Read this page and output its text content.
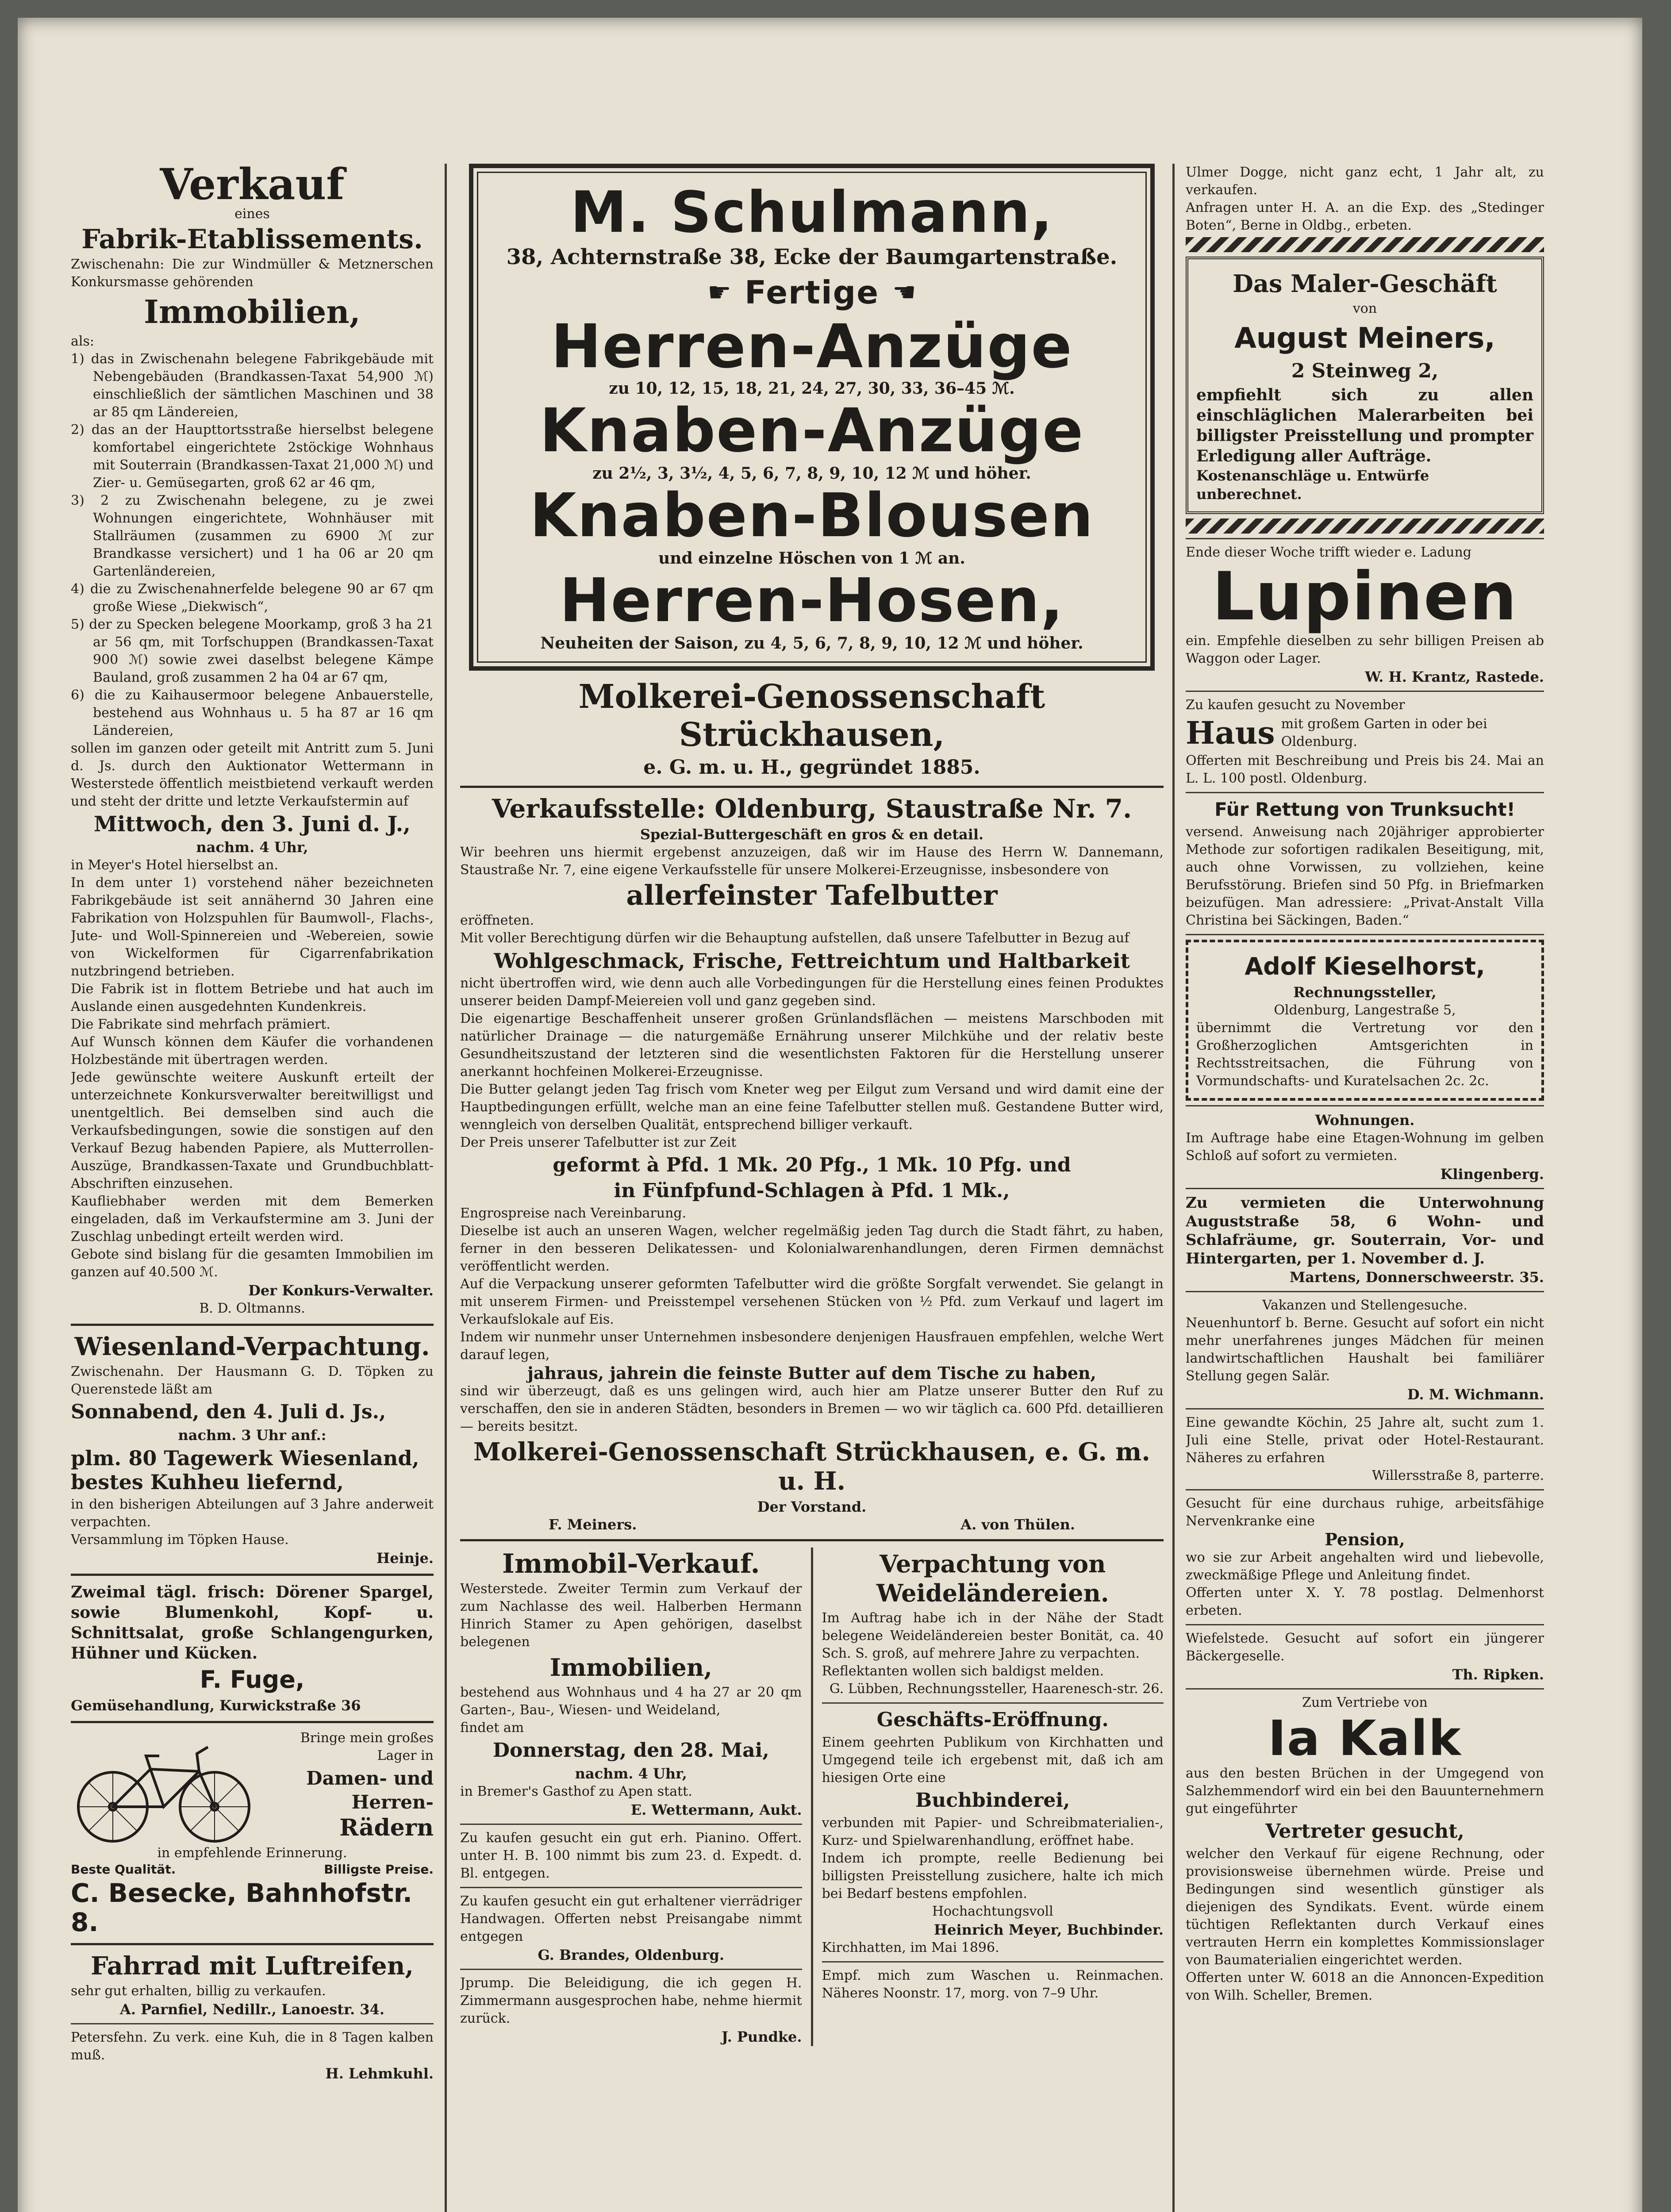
Verkauf
eines
Fabrik-Etablissements.

Zwischenahn: Die zur Windmüller & Metznerschen Konkursmasse gehörenden

Immobilien,

als:

1) das in Zwischenahn belegene Fabrikgebäude mit Nebengebäuden (Brandkassen-Taxat 54,900 ℳ) einschließlich der sämtlichen Maschinen und 38 ar 85 qm Ländereien,
2) das an der Haupttortsstraße hierselbst belegene komfortabel eingerichtete 2stöckige Wohnhaus mit Souterrain (Brandkassen-Taxat 21,000 ℳ) und Zier- u. Gemüsegarten, groß 62 ar 46 qm,
3) 2 zu Zwischenahn belegene, zu je zwei Wohnungen eingerichtete, Wohnhäuser mit Stallräumen (zusammen zu 6900 ℳ zur Brandkasse versichert) und 1 ha 06 ar 20 qm Gartenländereien,
4) die zu Zwischenahnerfelde belegene 90 ar 67 qm große Wiese „Diekwisch“,
5) der zu Specken belegene Moorkamp, groß 3 ha 21 ar 56 qm, mit Torfschuppen (Brandkassen-Taxat 900 ℳ) sowie zwei daselbst belegene Kämpe Bauland, groß zusammen 2 ha 04 ar 67 qm,
6) die zu Kaihausermoor belegene Anbauerstelle, bestehend aus Wohnhaus u. 5 ha 87 ar 16 qm Ländereien,

sollen im ganzen oder geteilt mit Antritt zum 5. Juni d. Js. durch den Auktionator Wettermann in Westerstede öffentlich meistbietend verkauft werden und steht der dritte und letzte Verkaufstermin auf

Mittwoch, den 3. Juni d. J.,
nachm. 4 Uhr,

in Meyer's Hotel hierselbst an.

In dem unter 1) vorstehend näher bezeichneten Fabrikgebäude ist seit annähernd 30 Jahren eine Fabrikation von Holzspuhlen für Baumwoll-, Flachs-, Jute- und Woll-Spinnereien und -Webereien, sowie von Wickelformen für Cigarrenfabrikation nutzbringend betrieben.

Die Fabrik ist in flottem Betriebe und hat auch im Auslande einen ausgedehnten Kundenkreis.

Die Fabrikate sind mehrfach prämiert.

Auf Wunsch können dem Käufer die vorhandenen Holzbestände mit übertragen werden.

Jede gewünschte weitere Auskunft erteilt der unterzeichnete Konkursverwalter bereitwilligst und unentgeltlich. Bei demselben sind auch die Verkaufsbedingungen, sowie die sonstigen auf den Verkauf Bezug habenden Papiere, als Mutterrollen-Auszüge, Brandkassen-Taxate und Grundbuchblatt-Abschriften einzusehen.

Kaufliebhaber werden mit dem Bemerken eingeladen, daß im Verkaufstermine am 3. Juni der Zuschlag unbedingt erteilt werden wird.

Gebote sind bislang für die gesamten Immobilien im ganzen auf 40.500 ℳ.

Der Konkurs-Verwalter.

B. D. Oltmanns.

Wiesenland-Verpachtung.

Zwischenahn. Der Hausmann G. D. Töpken zu Querenstede läßt am

Sonnabend, den 4. Juli d. Js.,
nachm. 3 Uhr anf.:
plm. 80 Tagewerk Wiesenland, bestes Kuhheu liefernd,

in den bisherigen Abteilungen auf 3 Jahre anderweit verpachten.

Versammlung im Töpken Hause.

Heinje.

Zweimal tägl. frisch: Dörener Spargel, sowie Blumenkohl, Kopf- u. Schnittsalat, große Schlangengurken, Hühner und Kücken.

F. Fuge,

Gemüsehandlung, Kurwickstraße 36

Bringe mein großes Lager in

Damen- und Herren-
Rädern

in empfehlende Erinnerung.

Beste Qualität.	Billigste Preise.
C. Besecke, Bahnhofstr. 8.
Fahrrad mit Luftreifen,

sehr gut erhalten, billig zu verkaufen.

A. Parnfiel, Nedillr., Lanoestr. 34.

Petersfehn. Zu verk. eine Kuh, die in 8 Tagen kalben muß.

H. Lehmkuhl.

M. Schulmann,
38, Achternstraße 38, Ecke der Baumgartenstraße.
☛ Fertige ☚
Herren-Anzüge
zu 10, 12, 15, 18, 21, 24, 27, 30, 33, 36–45 ℳ.
Knaben-Anzüge
zu 2½, 3, 3½, 4, 5, 6, 7, 8, 9, 10, 12 ℳ und höher.
Knaben-Blousen
und einzelne Höschen von 1 ℳ an.
Herren-Hosen,
Neuheiten der Saison, zu 4, 5, 6, 7, 8, 9, 10, 12 ℳ und höher.
Molkerei-Genossenschaft Strückhausen,
e. G. m. u. H., gegründet 1885.
Verkaufsstelle: Oldenburg, Staustraße Nr. 7.
Spezial-Buttergeschäft en gros & en detail.

Wir beehren uns hiermit ergebenst anzuzeigen, daß wir im Hause des Herrn W. Dannemann, Staustraße Nr. 7, eine eigene Verkaufsstelle für unsere Molkerei-Erzeugnisse, insbesondere von

allerfeinster Tafelbutter

eröffneten.

Mit voller Berechtigung dürfen wir die Behauptung aufstellen, daß unsere Tafelbutter in Bezug auf

Wohlgeschmack, Frische, Fettreichtum und Haltbarkeit

nicht übertroffen wird, wie denn auch alle Vorbedingungen für die Herstellung eines feinen Produktes unserer beiden Dampf-Meiereien voll und ganz gegeben sind.

Die eigenartige Beschaffenheit unserer großen Grünlandsflächen — meistens Marschboden mit natürlicher Drainage — die naturgemäße Ernährung unserer Milchkühe und der relativ beste Gesundheitszustand der letzteren sind die wesentlichsten Faktoren für die Herstellung unserer anerkannt hochfeinen Molkerei-Erzeugnisse.

Die Butter gelangt jeden Tag frisch vom Kneter weg per Eilgut zum Versand und wird damit eine der Hauptbedingungen erfüllt, welche man an eine feine Tafelbutter stellen muß. Gestandene Butter wird, wenngleich von derselben Qualität, entsprechend billiger verkauft.

Der Preis unserer Tafelbutter ist zur Zeit

geformt à Pfd. 1 Mk. 20 Pfg., 1 Mk. 10 Pfg. und
in Fünfpfund-Schlagen à Pfd. 1 Mk.,

Engrospreise nach Vereinbarung.

Dieselbe ist auch an unseren Wagen, welcher regelmäßig jeden Tag durch die Stadt fährt, zu haben, ferner in den besseren Delikatessen- und Kolonialwarenhandlungen, deren Firmen demnächst veröffentlicht werden.

Auf die Verpackung unserer geformten Tafelbutter wird die größte Sorgfalt verwendet. Sie gelangt in mit unserem Firmen- und Preisstempel versehenen Stücken von ½ Pfd. zum Verkauf und lagert im Verkaufslokale auf Eis.

Indem wir nunmehr unser Unternehmen insbesondere denjenigen Hausfrauen empfehlen, welche Wert darauf legen,

jahraus, jahrein die feinste Butter auf dem Tische zu haben,

sind wir überzeugt, daß es uns gelingen wird, auch hier am Platze unserer Butter den Ruf zu verschaffen, den sie in anderen Städten, besonders in Bremen — wo wir täglich ca. 600 Pfd. detaillieren — bereits besitzt.

Molkerei-Genossenschaft Strückhausen, e. G. m. u. H.
Der Vorstand.
F. Meiners.	A. von Thülen.
Immobil-Verkauf.

Westerstede. Zweiter Termin zum Verkauf der zum Nachlasse des weil. Halberben Hermann Hinrich Stamer zu Apen gehörigen, daselbst belegenen

Immobilien,

bestehend aus Wohnhaus und 4 ha 27 ar 20 qm Garten-, Bau-, Wiesen- und Weideland,

findet am

Donnerstag, den 28. Mai,
nachm. 4 Uhr,

in Bremer's Gasthof zu Apen statt.

E. Wettermann, Aukt.

Zu kaufen gesucht ein gut erh. Pianino. Offert. unter H. B. 100 nimmt bis zum 23. d. Expedt. d. Bl. entgegen.

Zu kaufen gesucht ein gut erhaltener vierrädriger Handwagen. Offerten nebst Preisangabe nimmt entgegen

G. Brandes, Oldenburg.

Jprump. Die Beleidigung, die ich gegen H. Zimmermann ausgesprochen habe, nehme hiermit zurück.

J. Pundke.

Verpachtung von Weideländereien.

Im Auftrag habe ich in der Nähe der Stadt belegene Weideländereien bester Bonität, ca. 40 Sch. S. groß, auf mehrere Jahre zu verpachten.

Reflektanten wollen sich baldigst melden.

G. Lübben, Rechnungssteller, Haarenesch-str. 26.

Geschäfts-Eröffnung.

Einem geehrten Publikum von Kirchhatten und Umgegend teile ich ergebenst mit, daß ich am hiesigen Orte eine

Buchbinderei,

verbunden mit Papier- und Schreibmaterialien-, Kurz- und Spielwarenhandlung, eröffnet habe.

Indem ich prompte, reelle Bedienung bei billigsten Preisstellung zusichere, halte ich mich bei Bedarf bestens empfohlen.

Hochachtungsvoll

Heinrich Meyer, Buchbinder.

Kirchhatten, im Mai 1896.

Empf. mich zum Waschen u. Reinmachen. Näheres Noonstr. 17, morg. von 7–9 Uhr.

Ulmer Dogge, nicht ganz echt, 1 Jahr alt, zu verkaufen.

Anfragen unter H. A. an die Exp. des „Stedinger Boten“, Berne in Oldbg., erbeten.

Das Maler-Geschäft
von
August Meiners,
2 Steinweg 2,

empfiehlt sich zu allen einschläglichen Malerarbeiten bei billigster Preisstellung und prompter Erledigung aller Aufträge.

Kostenanschläge u. Entwürfe unberechnet.

Ende dieser Woche trifft wieder e. Ladung

Lupinen

ein. Empfehle dieselben zu sehr billigen Preisen ab Waggon oder Lager.

W. H. Krantz, Rastede.

Zu kaufen gesucht zu November

Haus mit großem Garten in oder bei Oldenburg.

Offerten mit Beschreibung und Preis bis 24. Mai an L. L. 100 postl. Oldenburg.

Für Rettung von Trunksucht!

versend. Anweisung nach 20jähriger approbierter Methode zur sofortigen radikalen Beseitigung, mit, auch ohne Vorwissen, zu vollziehen, keine Berufsstörung. Briefen sind 50 Pfg. in Briefmarken beizufügen. Man adressiere: „Privat-Anstalt Villa Christina bei Säckingen, Baden.“

Adolf Kieselhorst,
Rechnungssteller,

Oldenburg, Langestraße 5,

übernimmt die Vertretung vor den Großherzoglichen Amtsgerichten in Rechtsstreitsachen, die Führung von Vormundschafts- und Kuratelsachen 2c. 2c.

Wohnungen.

Im Auftrage habe eine Etagen-Wohnung im gelben Schloß auf sofort zu vermieten.

Klingenberg.

Zu vermieten die Unterwohnung Auguststraße 58, 6 Wohn- und Schlafräume, gr. Souterrain, Vor- und Hintergarten, per 1. November d. J.

Martens, Donnerschweerstr. 35.

Vakanzen und Stellengesuche.

Neuenhuntorf b. Berne. Gesucht auf sofort ein nicht mehr unerfahrenes junges Mädchen für meinen landwirtschaftlichen Haushalt bei familiärer Stellung gegen Salär.

D. M. Wichmann.

Eine gewandte Köchin, 25 Jahre alt, sucht zum 1. Juli eine Stelle, privat oder Hotel-Restaurant. Näheres zu erfahren

Willersstraße 8, parterre.

Gesucht für eine durchaus ruhige, arbeitsfähige Nervenkranke eine

Pension,

wo sie zur Arbeit angehalten wird und liebevolle, zweckmäßige Pflege und Anleitung findet.

Offerten unter X. Y. 78 postlag. Delmenhorst erbeten.

Wiefelstede. Gesucht auf sofort ein jüngerer Bäckergeselle.

Th. Ripken.

Zum Vertriebe von
Ia Kalk

aus den besten Brüchen in der Umgegend von Salzhemmendorf wird ein bei den Bauunternehmern gut eingeführter

Vertreter gesucht,

welcher den Verkauf für eigene Rechnung, oder provisionsweise übernehmen würde. Preise und Bedingungen sind wesentlich günstiger als diejenigen des Syndikats. Event. würde einem tüchtigen Reflektanten durch Verkauf eines vertrauten Herrn ein komplettes Kommissionslager von Baumaterialien eingerichtet werden.

Offerten unter W. 6018 an die Annoncen-Expedition von Wilh. Scheller, Bremen.
